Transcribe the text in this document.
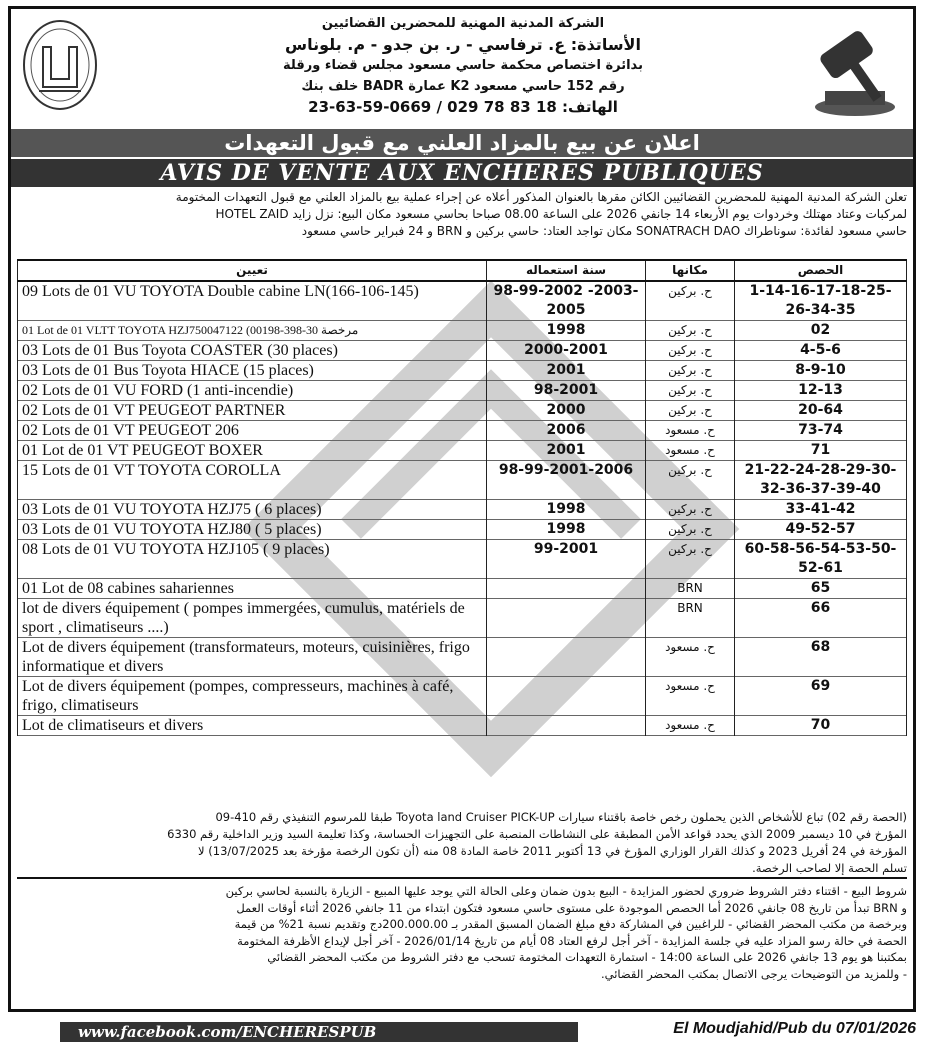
الشركة المدنية المهنية للمحضرين القضائيين
الأساتذة: ع. ترفاسي - ر. بن جدو - م. بلوناس
بدائرة اختصاص محكمة حاسي مسعود مجلس قضاء ورقلة
خلف بنك BADR عمارة K2 رقم 152 حاسي مسعود
الهاتف: 18 83 78 029 / 0669-59-63-23
اعلان عن بيع بالمزاد العلني مع قبول التعهدات
AVIS DE VENTE AUX ENCHERES PUBLIQUES
تعلن الشركة المدنية المهنية للمحضرين القضائيين الكائن مقرها بالعنوان المذكور أعلاه عن إجراء عملية بيع بالمزاد العلني مع قبول التعهدات المختومة
لمركبات وعتاد مهتلك وخردوات يوم الأربعاء 14 جانفي 2026 على الساعة 08.00 صباحا بحاسي مسعود مكان البيع: نزل زايد HOTEL ZAID
حاسي مسعود لفائدة: سوناطراك SONATRACH DAO مكان تواجد العتاد: حاسي بركين و BRN و 24 فبراير حاسي مسعود
تعيين	سنة استعماله	مكانها	الحصص
09 Lots de 01 VU TOYOTA Double cabine LN(166-106-145)	98-99-2002 -2003-2005	ح. بركين	1-14-16-17-18-25- 26-34-35
01 Lot de 01 VLTT TOYOTA HZJ750047122 (00198-398-30 مرخصة	1998	ح. بركين	02
03 Lots de 01 Bus Toyota COASTER (30 places)	2000-2001	ح. بركين	4-5-6
03 Lots de 01 Bus Toyota HIACE (15 places)	2001	ح. بركين	8-9-10
02 Lots de 01 VU FORD (1 anti-incendie)	98-2001	ح. بركين	12-13
02 Lots de 01 VT PEUGEOT PARTNER	2000	ح. بركين	20-64
02 Lots de 01 VT PEUGEOT 206	2006	ح. مسعود	73-74
01 Lot de 01 VT PEUGEOT BOXER	2001	ح. مسعود	71
15 Lots de 01 VT TOYOTA COROLLA	98-99-2001-2006	ح. بركين	21-22-24-28-29-30- 32-36-37-39-40
03 Lots de 01 VU TOYOTA HZJ75 ( 6 places)	1998	ح. بركين	33-41-42
03 Lots de 01 VU TOYOTA HZJ80 ( 5 places)	1998	ح. بركين	49-52-57
08 Lots de 01 VU TOYOTA HZJ105 ( 9 places)	99-2001	ح. بركين	60-58-56-54-53-50- 52-61
01 Lot de 08 cabines sahariennes		BRN	65
lot de divers équipement ( pompes immergées, cumulus, matériels de sport , climatiseurs ....)		BRN	66
Lot de divers équipement (transformateurs, moteurs, cuisinières, frigo informatique et divers		ح. مسعود	68
Lot de divers équipement (pompes, compresseurs, machines à café, frigo, climatiseurs		ح. مسعود	69
Lot de climatiseurs et divers		ح. مسعود	70
(الحصة رقم 02) تباع للأشخاص الذين يحملون رخص خاصة باقتناء سيارات Toyota land Cruiser PICK-UP طبقا للمرسوم التنفيذي رقم 410-09
المؤرخ في 10 ديسمبر 2009 الذي يحدد قواعد الأمن المطبقة على النشاطات المنصبة على التجهيزات الحساسة، وكذا تعليمة السيد وزير الداخلية رقم 6330
المؤرخة في 24 أفريل 2023 و كذلك القرار الوزاري المؤرخ في 13 أكتوبر 2011 خاصة المادة 08 منه (أن تكون الرخصة مؤرخة بعد 13/07/2025) لا
تسلم الحصة إلا لصاحب الرخصة.
شروط البيع - اقتناء دفتر الشروط ضروري لحضور المزايدة - البيع بدون ضمان وعلى الحالة التي يوجد عليها المبيع - الزيارة بالنسبة لحاسي بركين
و BRN تبدأ من تاريخ 08 جانفي 2026 أما الحصص الموجودة على مستوى حاسي مسعود فتكون ابتداء من 11 جانفي 2026 أثناء أوقات العمل
وبرخصة من مكتب المحضر القضائي - للراغبين في المشاركة دفع مبلغ الضمان المسبق المقدر بـ 200.000.00دج وتقديم نسبة 21% من قيمة
الحصة في حالة رسو المزاد عليه في جلسة المزايدة - آخر أجل لرفع العتاد 08 أيام من تاريخ 2026/01/14 - آخر أجل لإيداع الأظرفة المختومة
بمكتبنا هو يوم 13 جانفي 2026 على الساعة 14:00 - استمارة التعهدات المختومة تسحب مع دفتر الشروط من مكتب المحضر القضائي
- وللمزيد من التوضيحات يرجى الاتصال بمكتب المحضر القضائي.
www.facebook.com/ENCHERESPUB	El Moudjahid/Pub du 07/01/2026
